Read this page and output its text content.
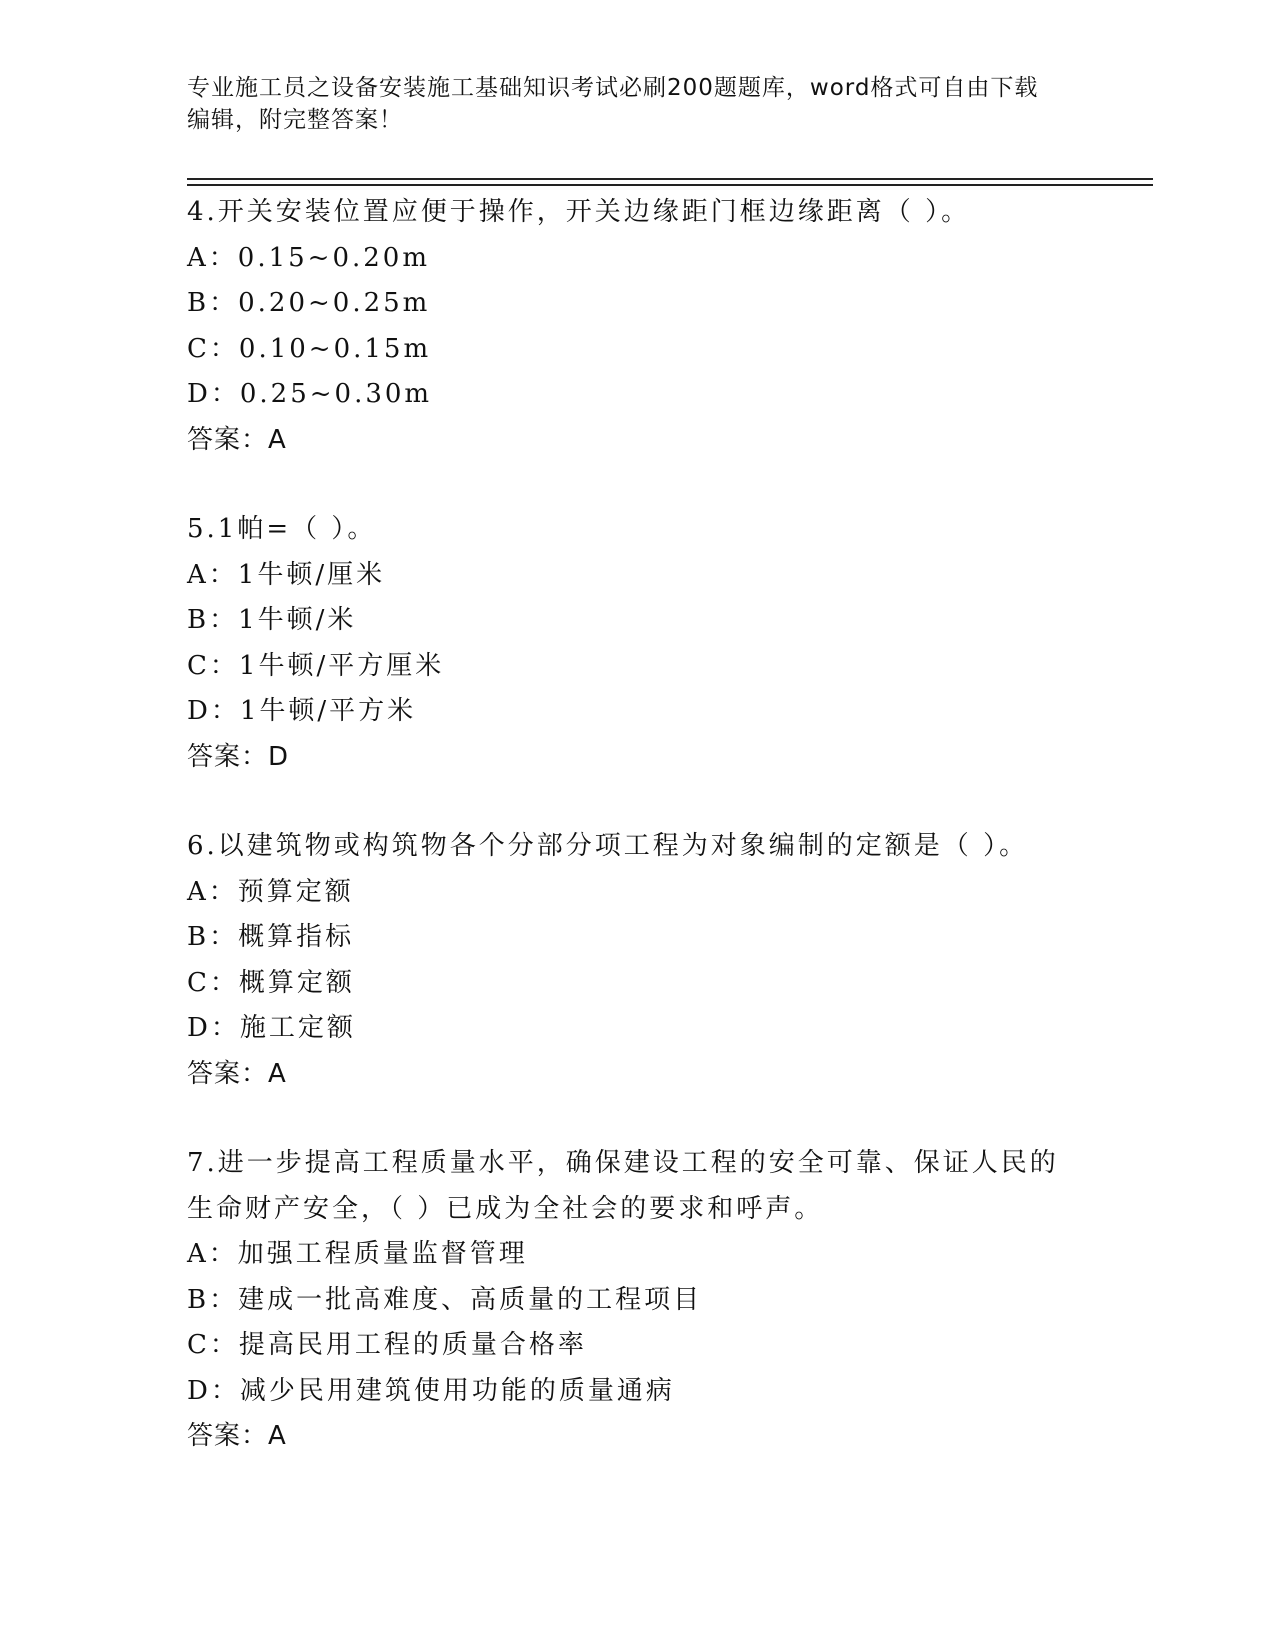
专业施工员之设备安装施工基础知识考试必刷200题题库，word格式可自由下载
编辑，附完整答案！
4.开关安装位置应便于操作，开关边缘距门框边缘距离（ ）。
A：0.15~0.20m
B：0.20~0.25m
C：0.10~0.15m
D：0.25~0.30m
答案：A
5.1帕=（ ）。
A：1牛顿/厘米
B：1牛顿/米
C：1牛顿/平方厘米
D：1牛顿/平方米
答案：D
6.以建筑物或构筑物各个分部分项工程为对象编制的定额是（ ）。
A：预算定额
B：概算指标
C：概算定额
D：施工定额
答案：A
7.进一步提高工程质量水平，确保建设工程的安全可靠、保证人民的生命财产安全，（ ）已成为全社会的要求和呼声。
A：加强工程质量监督管理
B：建成一批高难度、高质量的工程项目
C：提高民用工程的质量合格率
D：减少民用建筑使用功能的质量通病
答案：A
